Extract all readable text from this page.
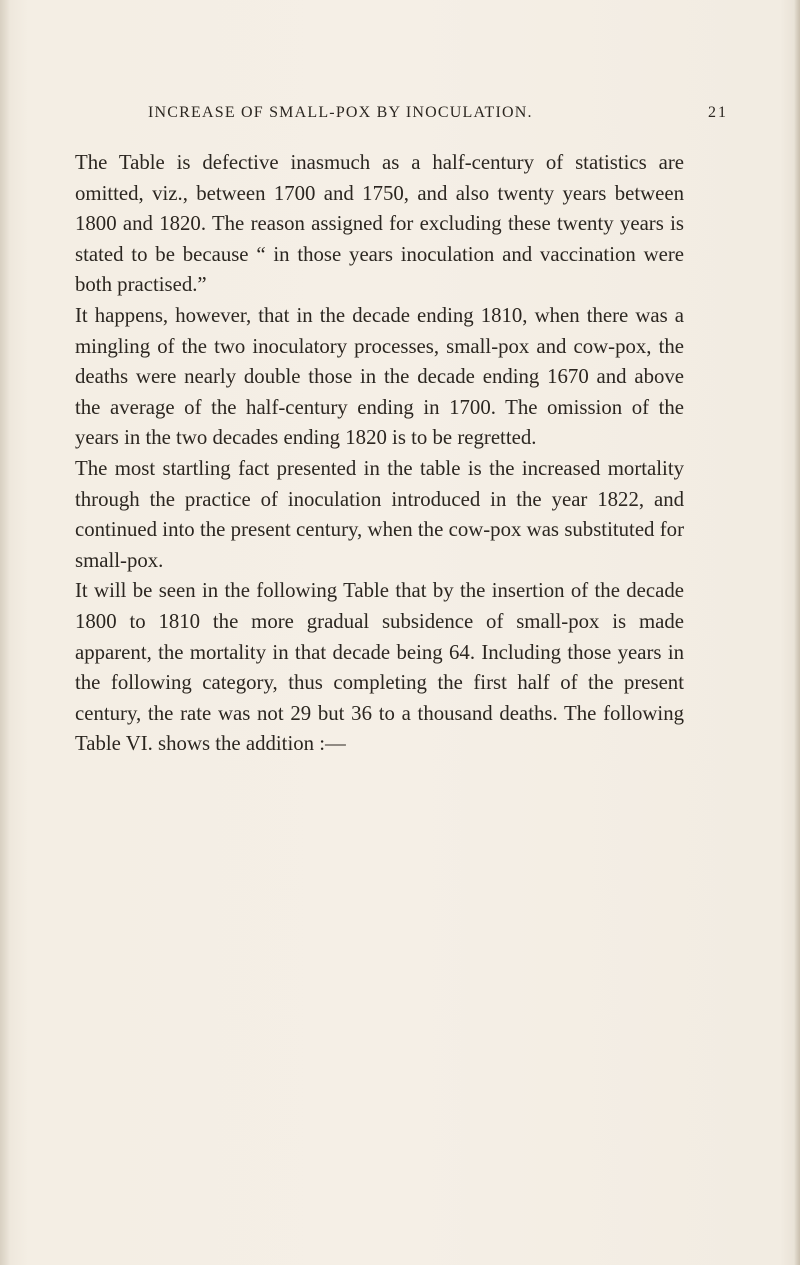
INCREASE OF SMALL-POX BY INOCULATION.	21

The Table is defective inasmuch as a half-century of statistics are omitted, viz., between 1700 and 1750, and also twenty years between 1800 and 1820. The reason assigned for excluding these twenty years is stated to be because “ in those years inoculation and vaccination were both practised.”

It happens, however, that in the decade ending 1810, when there was a mingling of the two inoculatory processes, small-pox and cow-pox, the deaths were nearly double those in the decade ending 1670 and above the average of the half-century ending in 1700. The omission of the years in the two decades ending 1820 is to be regretted.

The most startling fact presented in the table is the increased mortality through the practice of inoculation introduced in the year 1822, and continued into the present century, when the cow-pox was substituted for small-pox.

It will be seen in the following Table that by the insertion of the decade 1800 to 1810 the more gradual subsidence of small-pox is made apparent, the mortality in that decade being 64. Including those years in the following category, thus completing the first half of the present century, the rate was not 29 but 36 to a thousand deaths. The following Table VI. shows the addition :—
